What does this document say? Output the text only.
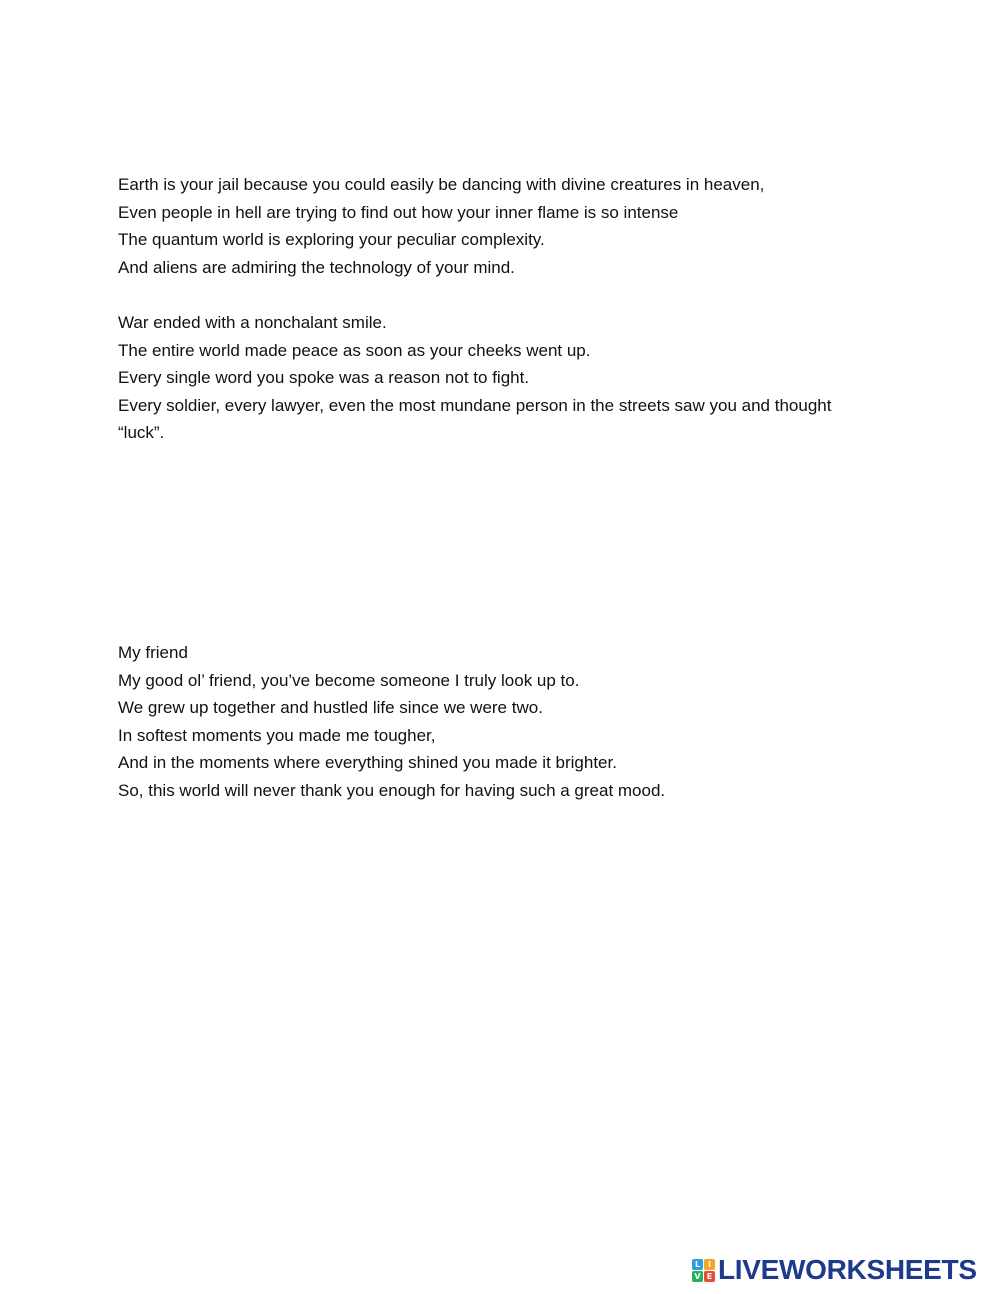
Earth is your jail because you could easily be dancing with divine creatures in heaven,
Even people in hell are trying to find out how your inner flame is so intense
The quantum world is exploring your peculiar complexity.
And aliens are admiring the technology of your mind.
War ended with a nonchalant smile.
The entire world made peace as soon as your cheeks went up.
Every single word you spoke was a reason not to fight.
Every soldier, every lawyer, even the most mundane person in the streets saw you and thought “luck”.
My friend
My good ol’ friend, you’ve become someone I truly look up to.
We grew up together and hustled life since we were two.
In softest moments you made me tougher,
And in the moments where everything shined you made it brighter.
So, this world will never thank you enough for having such a great mood.
L I
V E LIVEWORKSHEETS
